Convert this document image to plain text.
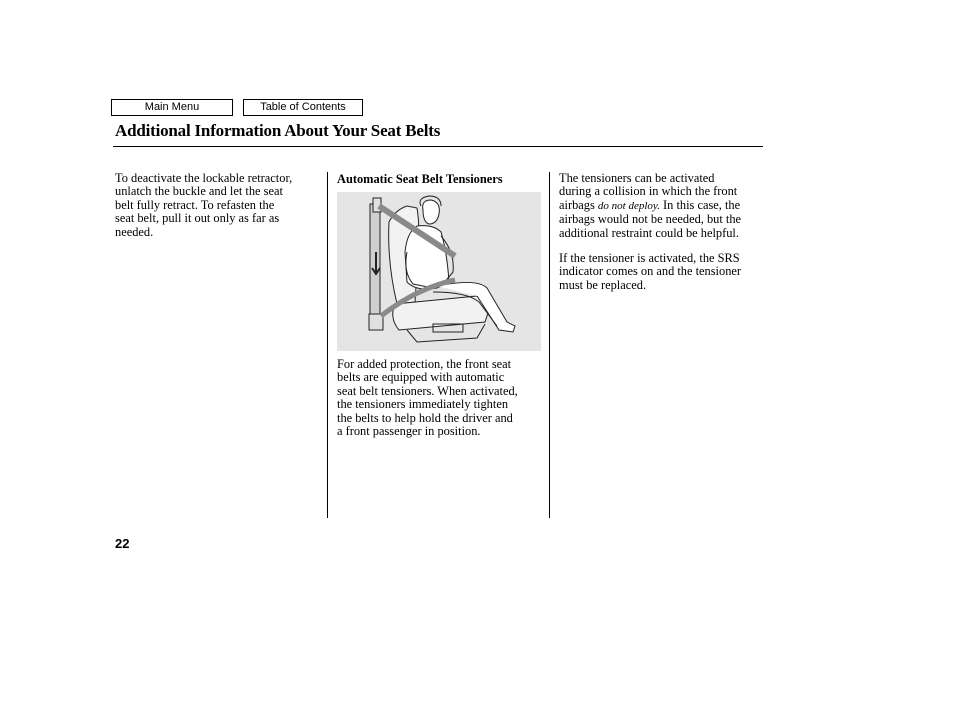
Main Menu	Table of Contents
Additional Information About Your Seat Belts
To deactivate the lockable retractor,
unlatch the buckle and let the seat
belt fully retract. To refasten the
seat belt, pull it out only as far as
needed.
Automatic Seat Belt Tensioners
For added protection, the front seat
belts are equipped with automatic
seat belt tensioners. When activated,
the tensioners immediately tighten
the belts to help hold the driver and
a front passenger in position.
The tensioners can be activated
during a collision in which the front
airbags do not deploy. In this case, the
airbags would not be needed, but the
additional restraint could be helpful.
If the tensioner is activated, the SRS
indicator comes on and the tensioner
must be replaced.
22
